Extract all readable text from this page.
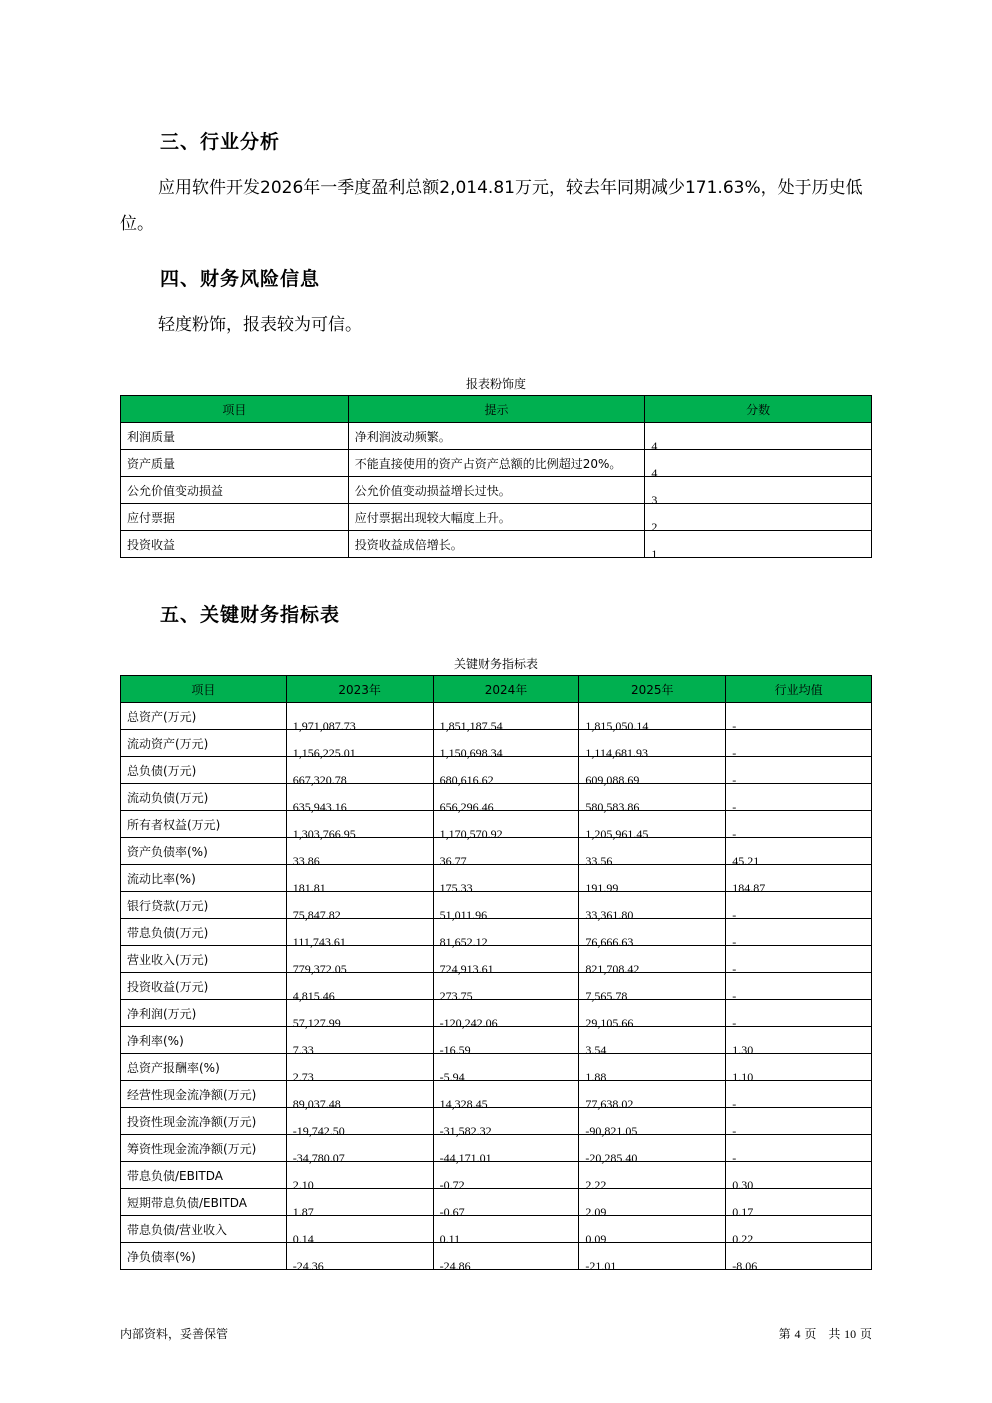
三、行业分析
应用软件开发2026年一季度盈利总额2,014.81万元，较去年同期减少171.63%，处于历史低
位。
四、财务风险信息
轻度粉饰，报表较为可信。
报表粉饰度
项目	提示	分数
利润质量	净利润波动频繁。	4
资产质量	不能直接使用的资产占资产总额的比例超过20%。	4
公允价值变动损益	公允价值变动损益增长过快。	3
应付票据	应付票据出现较大幅度上升。	2
投资收益	投资收益成倍增长。	1
五、关键财务指标表
关键财务指标表
项目	2023年	2024年	2025年	行业均值
总资产(万元)	1,971,087.73	1,851,187.54	1,815,050.14	-
流动资产(万元)	1,156,225.01	1,150,698.34	1,114,681.93	-
总负债(万元)	667,320.78	680,616.62	609,088.69	-
流动负债(万元)	635,943.16	656,296.46	580,583.86	-
所有者权益(万元)	1,303,766.95	1,170,570.92	1,205,961.45	-
资产负债率(%)	33.86	36.77	33.56	45.21
流动比率(%)	181.81	175.33	191.99	184.87
银行贷款(万元)	75,847.82	51,011.96	33,361.80	-
带息负债(万元)	111,743.61	81,652.12	76,666.63	-
营业收入(万元)	779,372.05	724,913.61	821,708.42	-
投资收益(万元)	4,815.46	273.75	7,565.78	-
净利润(万元)	57,127.99	-120,242.06	29,105.66	-
净利率(%)	7.33	-16.59	3.54	1.30
总资产报酬率(%)	2.73	-5.94	1.88	1.10
经营性现金流净额(万元)	89,037.48	14,328.45	77,638.02	-
投资性现金流净额(万元)	-19,742.50	-31,582.32	-90,821.05	-
筹资性现金流净额(万元)	-34,780.07	-44,171.01	-20,285.40	-
带息负债/EBITDA	2.10	-0.72	2.22	0.30
短期带息负债/EBITDA	1.87	-0.67	2.09	0.17
带息负债/营业收入	0.14	0.11	0.09	0.22
净负债率(%)	-24.36	-24.86	-21.01	-8.06
内部资料，妥善保管	第 4 页　共 10 页
